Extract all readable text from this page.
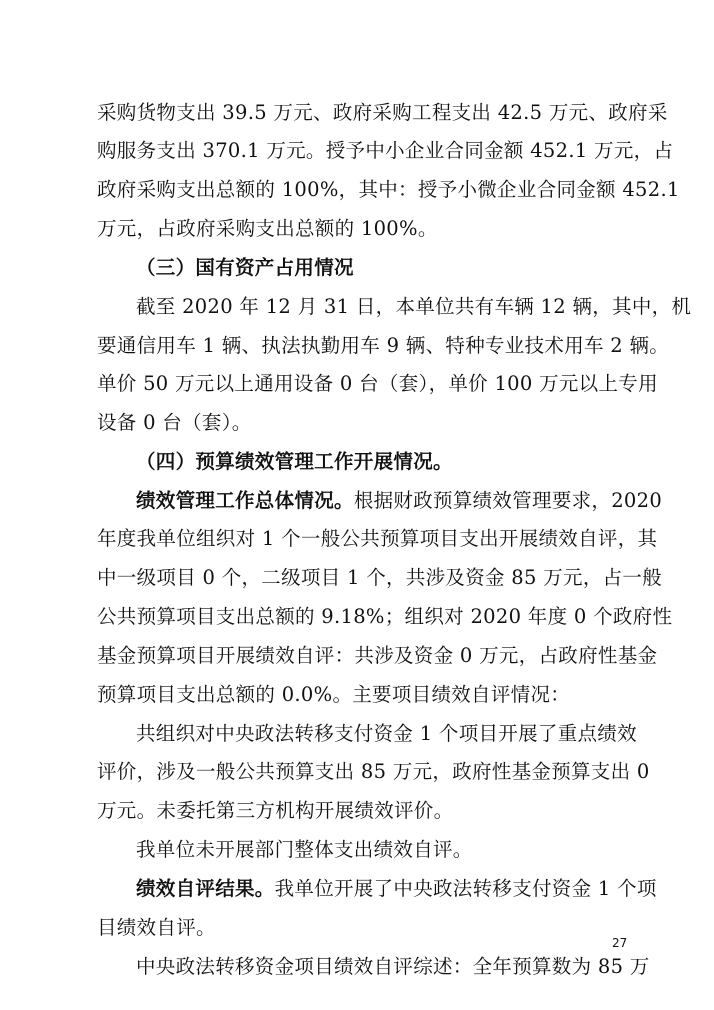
采购货物支出 39.5 万元、政府采购工程支出 42.5 万元、政府采
购服务支出 370.1 万元。授予中小企业合同金额 452.1 万元，占
政府采购支出总额的 100%，其中：授予小微企业合同金额 452.1
万元，占政府采购支出总额的 100%。
（三）国有资产占用情况
截至 2020 年 12 月 31 日，本单位共有车辆 12 辆，其中，机
要通信用车 1 辆、执法执勤用车 9 辆、特种专业技术用车 2 辆。
单价 50 万元以上通用设备 0 台（套），单价 100 万元以上专用
设备 0 台（套）。
（四）预算绩效管理工作开展情况。
绩效管理工作总体情况。根据财政预算绩效管理要求，2020
年度我单位组织对 1 个一般公共预算项目支出开展绩效自评，其
中一级项目 0 个，二级项目 1 个，共涉及资金 85 万元，占一般
公共预算项目支出总额的 9.18%；组织对 2020 年度 0 个政府性
基金预算项目开展绩效自评：共涉及资金 0 万元，占政府性基金
预算项目支出总额的 0.0%。主要项目绩效自评情况：
共组织对中央政法转移支付资金 1 个项目开展了重点绩效
评价，涉及一般公共预算支出 85 万元，政府性基金预算支出 0
万元。未委托第三方机构开展绩效评价。
我单位未开展部门整体支出绩效自评。
绩效自评结果。我单位开展了中央政法转移支付资金 1 个项
目绩效自评。
中央政法转移资金项目绩效自评综述：全年预算数为 85 万
27
